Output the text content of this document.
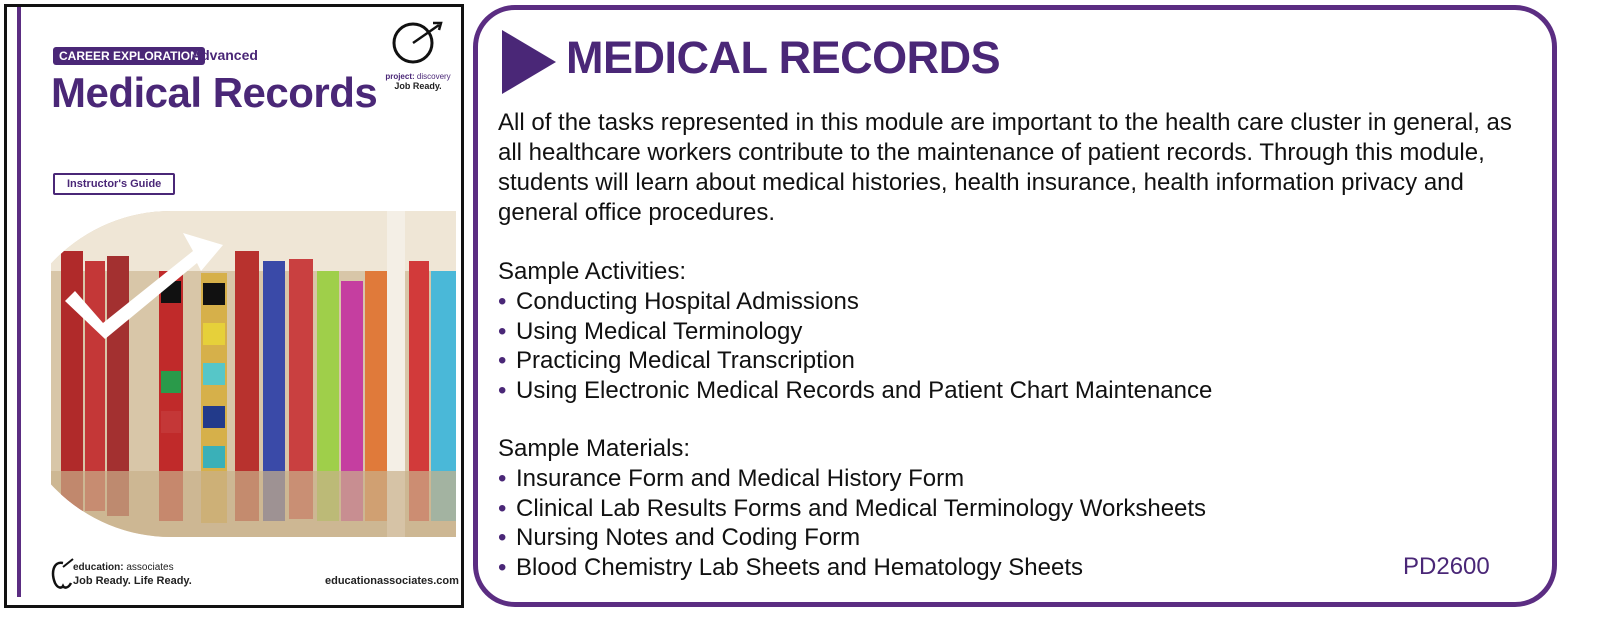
CAREER EXPLORATION
Advanced
Medical Records
Instructor's Guide
project: discovery
Job Ready.
education: associates
Job Ready. Life Ready.	educationassociates.com
MEDICAL RECORDS
All of the tasks represented in this module are important to the health care cluster in general, as all healthcare workers contribute to the maintenance of patient records. Through this module, students will learn about medical histories, health insurance, health information privacy and general office procedures.
Sample Activities:
• Conducting Hospital Admissions
• Using Medical Terminology
• Practicing Medical Transcription
• Using Electronic Medical Records and Patient Chart Maintenance
Sample Materials:
• Insurance Form and Medical History Form
• Clinical Lab Results Forms and Medical Terminology Worksheets
• Nursing Notes and Coding Form
• Blood Chemistry Lab Sheets and Hematology Sheets	PD2600
